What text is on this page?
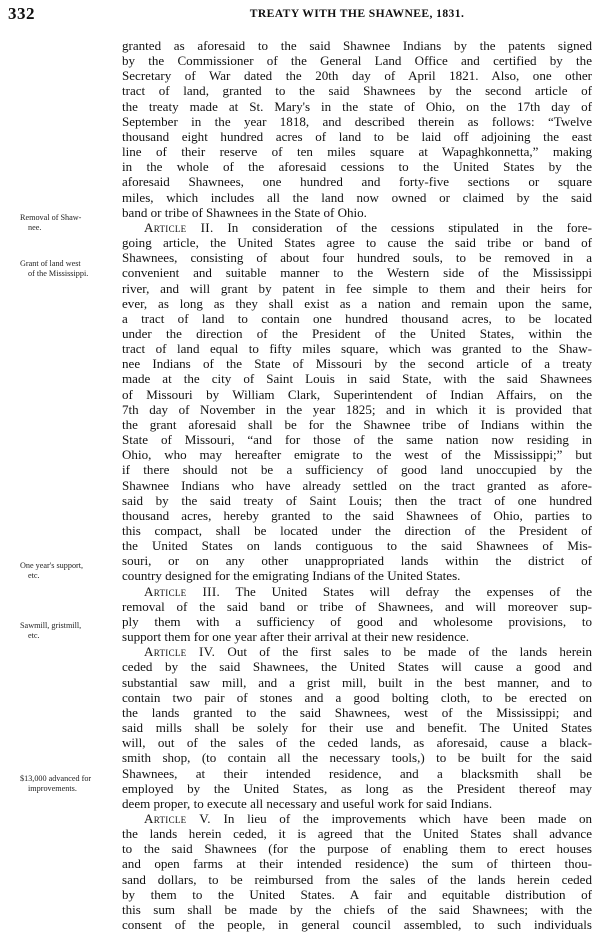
332	TREATY WITH THE SHAWNEE, 1831.
Removal of Shaw-
nee.
Grant of land west
of the Mississippi.
One year's support,
etc.
Sawmill, gristmill,
etc.
$13,000 advanced for
improvements.
granted as aforesaid to the said Shawnee Indians by the patents signed
by the Commissioner of the General Land Office and certified by the
Secretary of War dated the 20th day of April 1821. Also, one other
tract of land, granted to the said Shawnees by the second article of
the treaty made at St. Mary's in the state of Ohio, on the 17th day of
September in the year 1818, and described therein as follows: “Twelve
thousand eight hundred acres of land to be laid off adjoining the east
line of their reserve of ten miles square at Wapaghkonnetta,” making
in the whole of the aforesaid cessions to the United States by the
aforesaid Shawnees, one hundred and forty-five sections or square
miles, which includes all the land now owned or claimed by the said
band or tribe of Shawnees in the State of Ohio.
Article II. In consideration of the cessions stipulated in the fore-
going article, the United States agree to cause the said tribe or band of
Shawnees, consisting of about four hundred souls, to be removed in a
convenient and suitable manner to the Western side of the Mississippi
river, and will grant by patent in fee simple to them and their heirs for
ever, as long as they shall exist as a nation and remain upon the same,
a tract of land to contain one hundred thousand acres, to be located
under the direction of the President of the United States, within the
tract of land equal to fifty miles square, which was granted to the Shaw-
nee Indians of the State of Missouri by the second article of a treaty
made at the city of Saint Louis in said State, with the said Shawnees
of Missouri by William Clark, Superintendent of Indian Affairs, on the
7th day of November in the year 1825; and in which it is provided that
the grant aforesaid shall be for the Shawnee tribe of Indians within the
State of Missouri, “and for those of the same nation now residing in
Ohio, who may hereafter emigrate to the west of the Mississippi;” but
if there should not be a sufficiency of good land unoccupied by the
Shawnee Indians who have already settled on the tract granted as afore-
said by the said treaty of Saint Louis; then the tract of one hundred
thousand acres, hereby granted to the said Shawnees of Ohio, parties to
this compact, shall be located under the direction of the President of
the United States on lands contiguous to the said Shawnees of Mis-
souri, or on any other unappropriated lands within the district of
country designed for the emigrating Indians of the United States.
Article III. The United States will defray the expenses of the
removal of the said band or tribe of Shawnees, and will moreover sup-
ply them with a sufficiency of good and wholesome provisions, to
support them for one year after their arrival at their new residence.
Article IV. Out of the first sales to be made of the lands herein
ceded by the said Shawnees, the United States will cause a good and
substantial saw mill, and a grist mill, built in the best manner, and to
contain two pair of stones and a good bolting cloth, to be erected on
the lands granted to the said Shawnees, west of the Mississippi; and
said mills shall be solely for their use and benefit. The United States
will, out of the sales of the ceded lands, as aforesaid, cause a black-
smith shop, (to contain all the necessary tools,) to be built for the said
Shawnees, at their intended residence, and a blacksmith shall be
employed by the United States, as long as the President thereof may
deem proper, to execute all necessary and useful work for said Indians.
Article V. In lieu of the improvements which have been made on
the lands herein ceded, it is agreed that the United States shall advance
to the said Shawnees (for the purpose of enabling them to erect houses
and open farms at their intended residence) the sum of thirteen thou-
sand dollars, to be reimbursed from the sales of the lands herein ceded
by them to the United States. A fair and equitable distribution of
this sum shall be made by the chiefs of the said Shawnees; with the
consent of the people, in general council assembled, to such individuals
